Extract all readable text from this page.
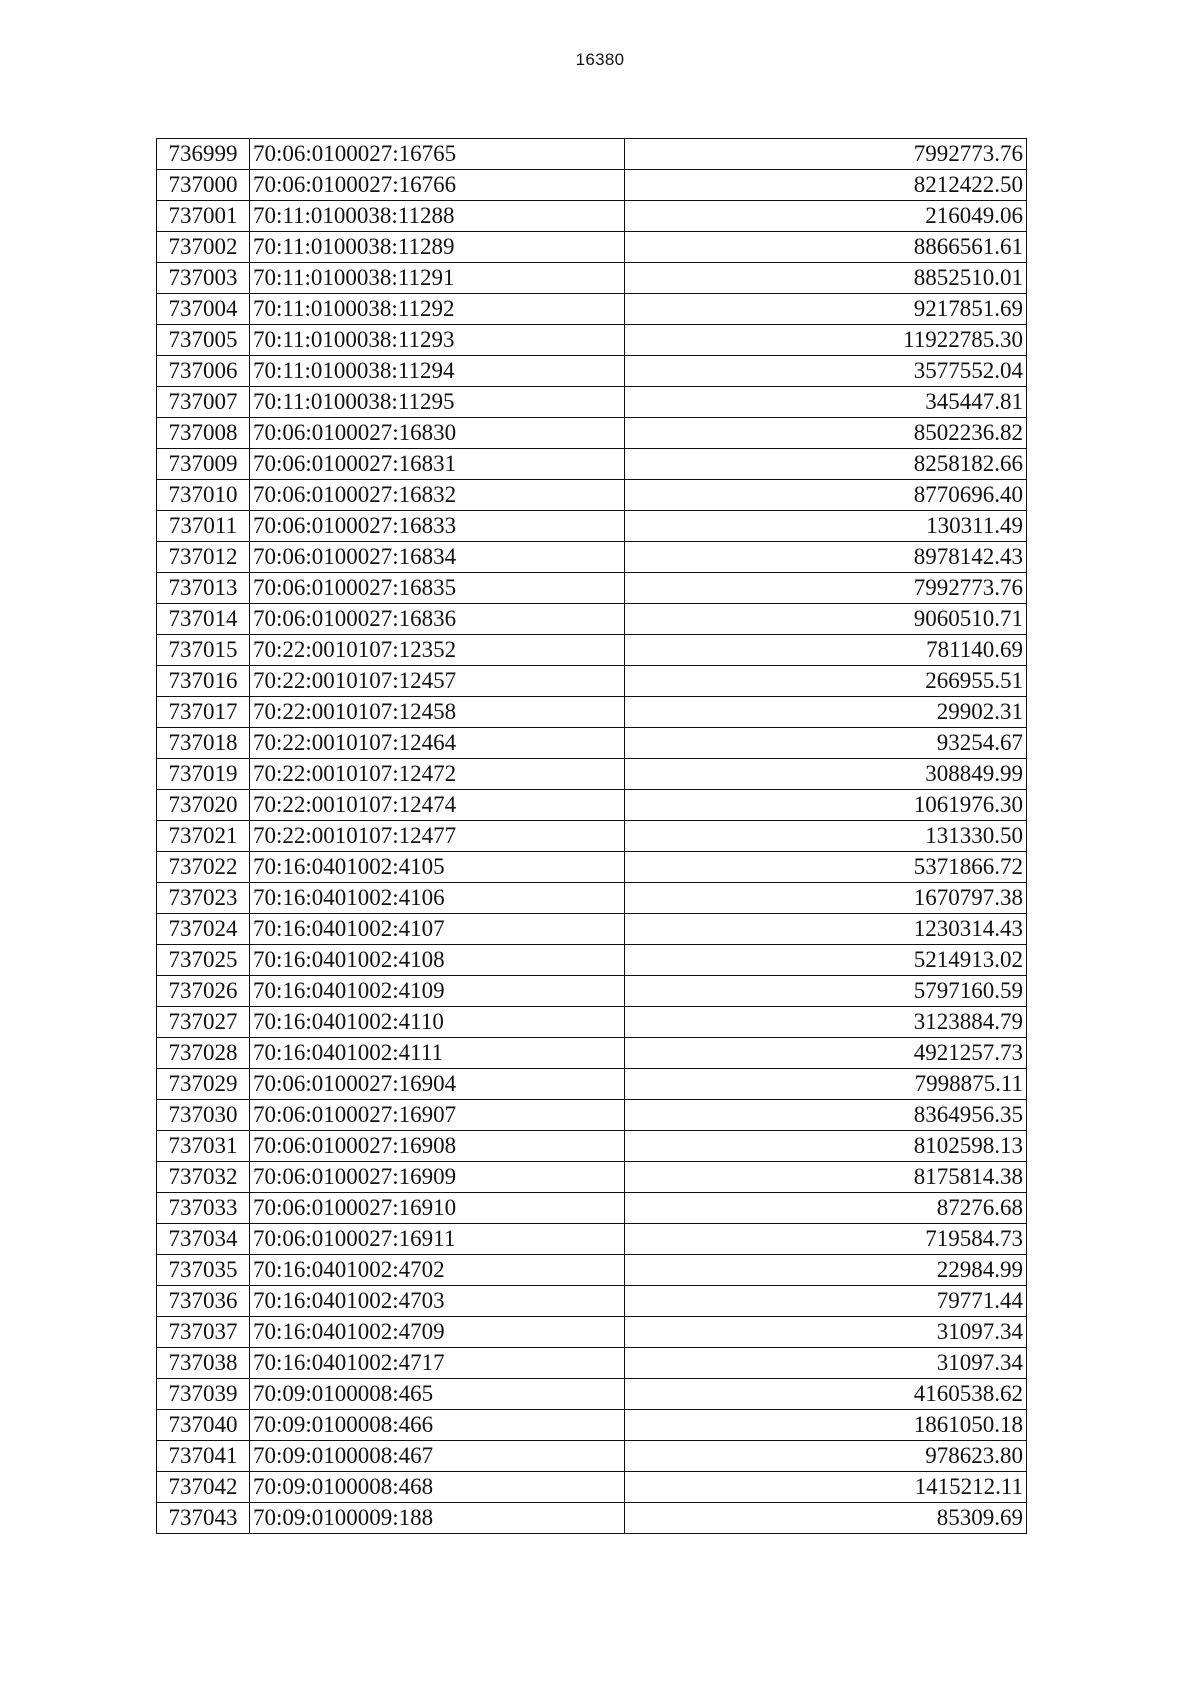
16380
736999	70:06:0100027:16765	7992773.76
737000	70:06:0100027:16766	8212422.50
737001	70:11:0100038:11288	216049.06
737002	70:11:0100038:11289	8866561.61
737003	70:11:0100038:11291	8852510.01
737004	70:11:0100038:11292	9217851.69
737005	70:11:0100038:11293	11922785.30
737006	70:11:0100038:11294	3577552.04
737007	70:11:0100038:11295	345447.81
737008	70:06:0100027:16830	8502236.82
737009	70:06:0100027:16831	8258182.66
737010	70:06:0100027:16832	8770696.40
737011	70:06:0100027:16833	130311.49
737012	70:06:0100027:16834	8978142.43
737013	70:06:0100027:16835	7992773.76
737014	70:06:0100027:16836	9060510.71
737015	70:22:0010107:12352	781140.69
737016	70:22:0010107:12457	266955.51
737017	70:22:0010107:12458	29902.31
737018	70:22:0010107:12464	93254.67
737019	70:22:0010107:12472	308849.99
737020	70:22:0010107:12474	1061976.30
737021	70:22:0010107:12477	131330.50
737022	70:16:0401002:4105	5371866.72
737023	70:16:0401002:4106	1670797.38
737024	70:16:0401002:4107	1230314.43
737025	70:16:0401002:4108	5214913.02
737026	70:16:0401002:4109	5797160.59
737027	70:16:0401002:4110	3123884.79
737028	70:16:0401002:4111	4921257.73
737029	70:06:0100027:16904	7998875.11
737030	70:06:0100027:16907	8364956.35
737031	70:06:0100027:16908	8102598.13
737032	70:06:0100027:16909	8175814.38
737033	70:06:0100027:16910	87276.68
737034	70:06:0100027:16911	719584.73
737035	70:16:0401002:4702	22984.99
737036	70:16:0401002:4703	79771.44
737037	70:16:0401002:4709	31097.34
737038	70:16:0401002:4717	31097.34
737039	70:09:0100008:465	4160538.62
737040	70:09:0100008:466	1861050.18
737041	70:09:0100008:467	978623.80
737042	70:09:0100008:468	1415212.11
737043	70:09:0100009:188	85309.69
